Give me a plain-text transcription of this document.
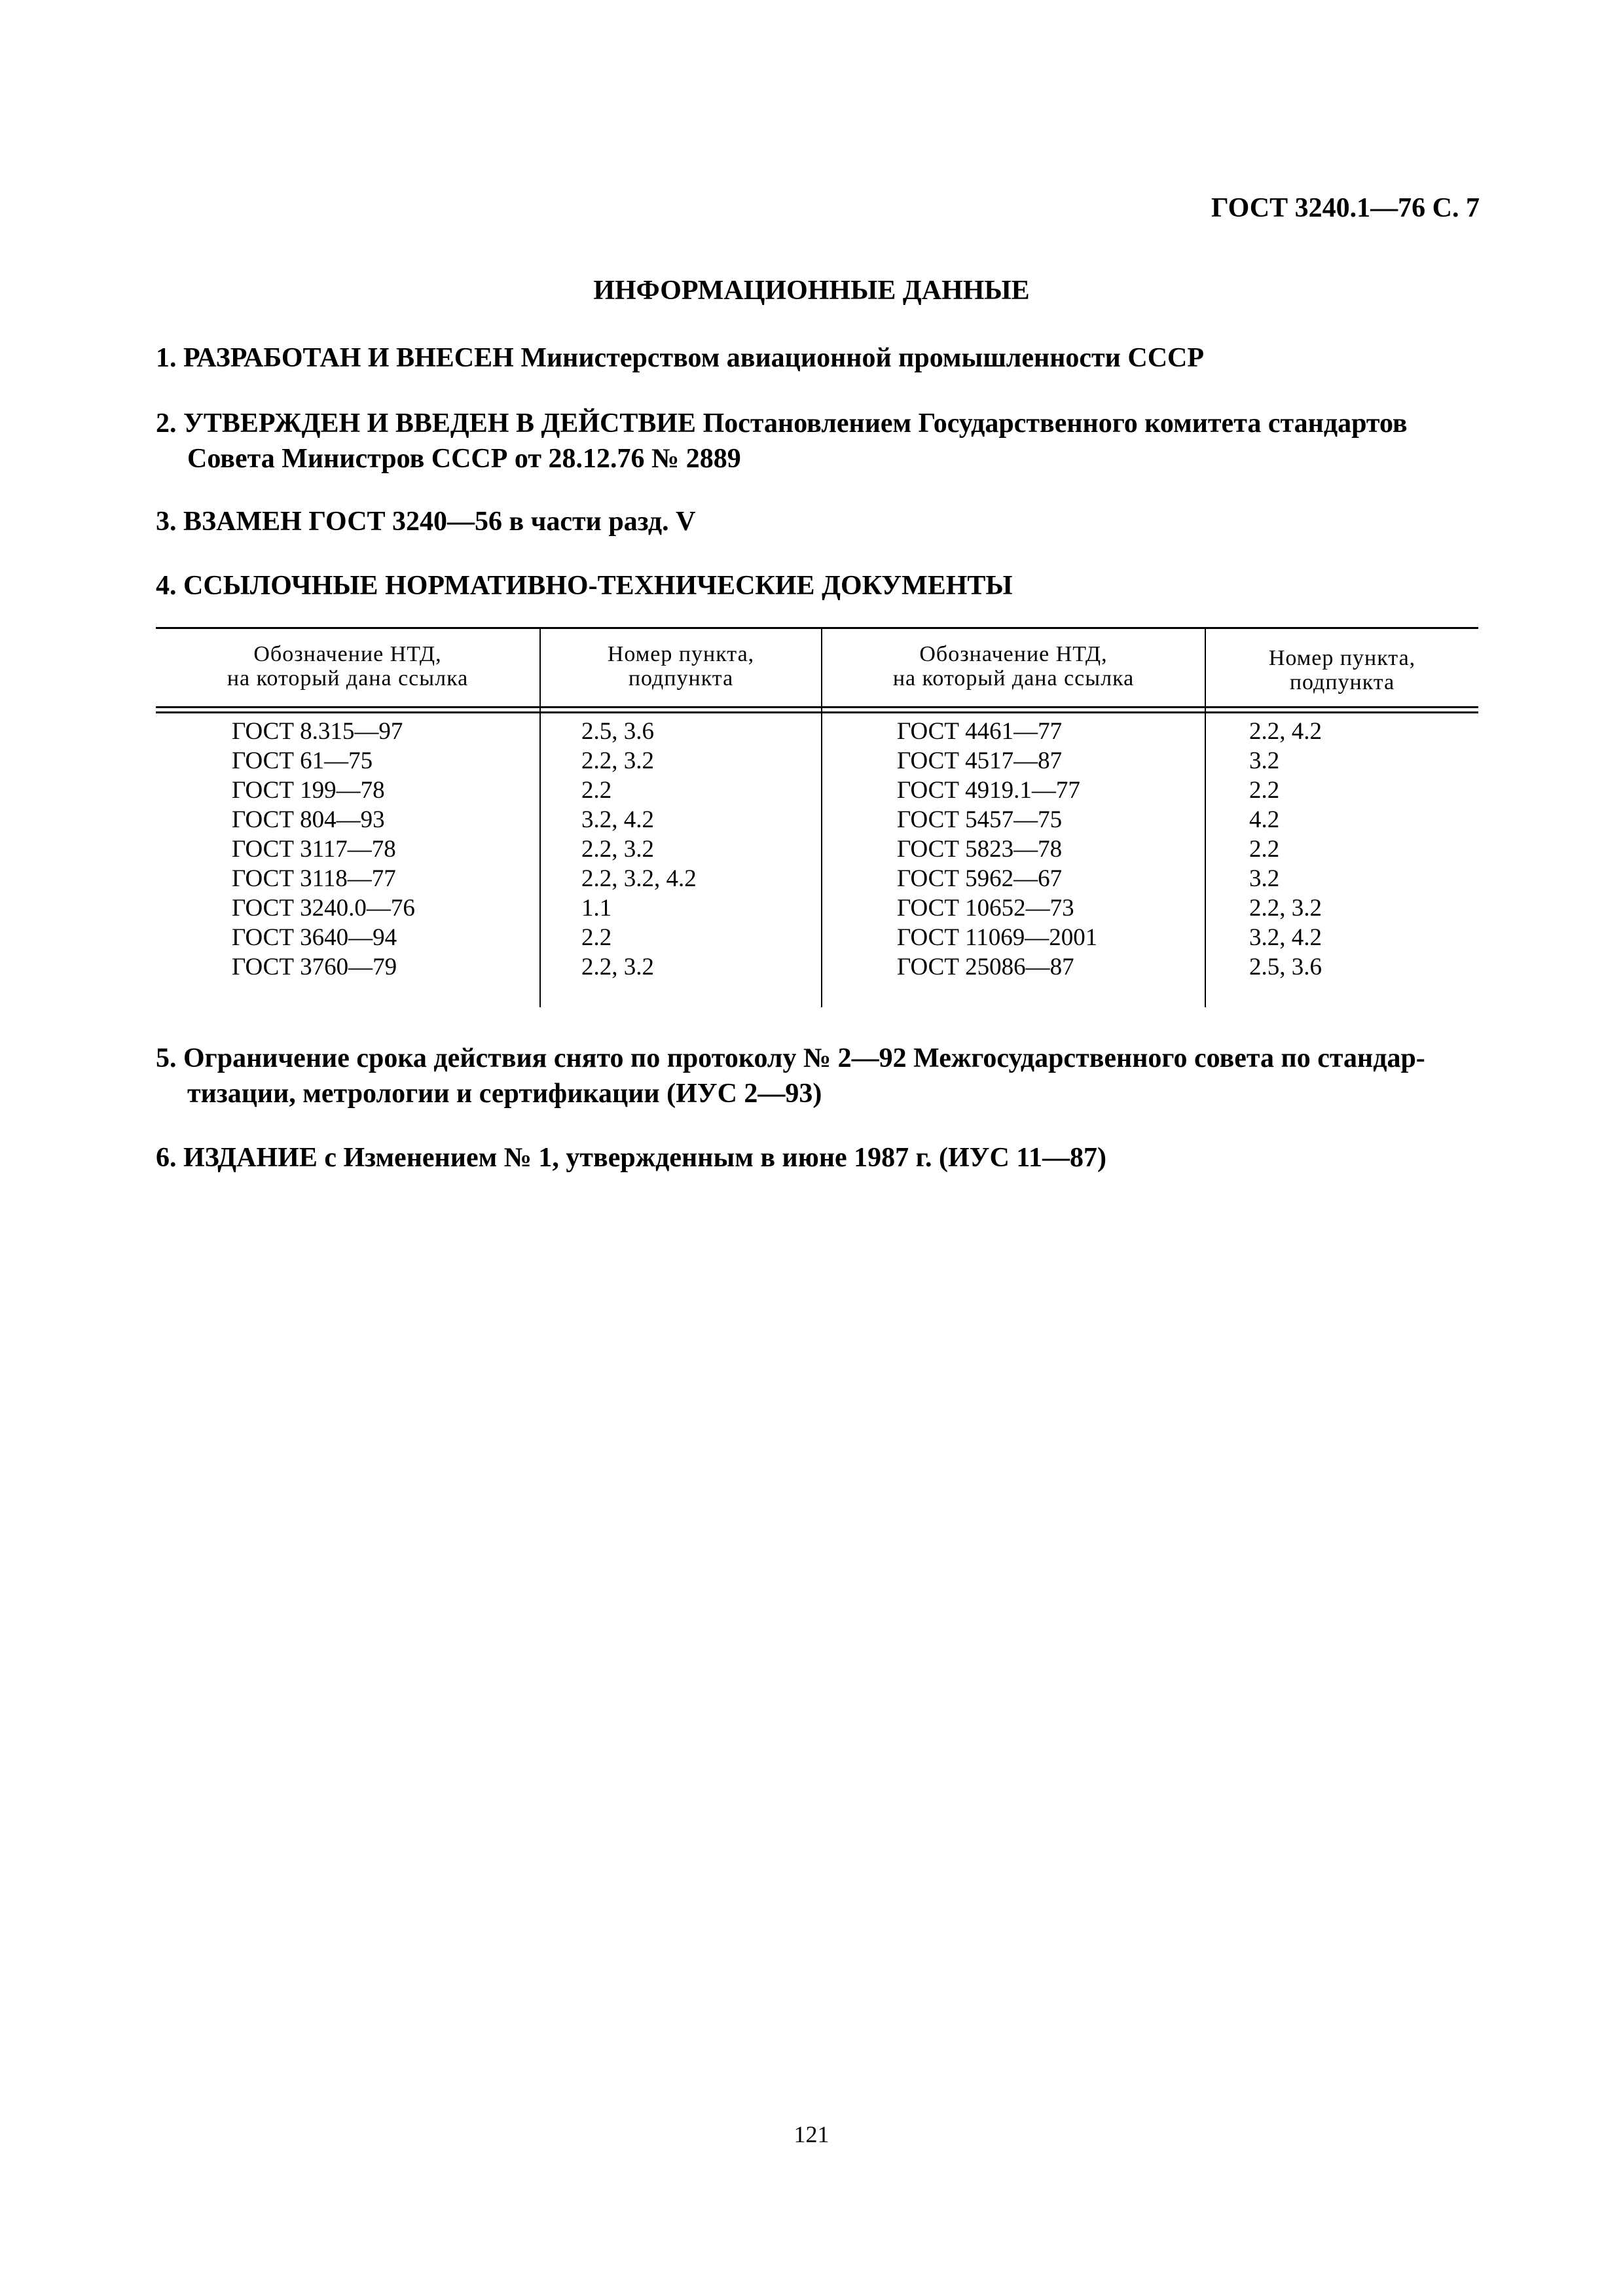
ГОСТ 3240.1—76 С. 7
ИНФОРМАЦИОННЫЕ ДАННЫЕ
1. РАЗРАБОТАН И ВНЕСЕН Министерством авиационной промышленности СССР
2. УТВЕРЖДЕН И ВВЕДЕН В ДЕЙСТВИЕ Постановлением Государственного комитета стандартов
Совета Министров СССР от 28.12.76 № 2889
3. ВЗАМЕН ГОСТ 3240—56 в части разд. V
4. ССЫЛОЧНЫЕ НОРМАТИВНО-ТЕХНИЧЕСКИЕ ДОКУМЕНТЫ
Обозначение НТД,
на который дана ссылка
Номер пункта,
подпункта
Обозначение НТД,
на который дана ссылка
Номер пункта,
подпункта
ГОСТ 8.315—97
ГОСТ 61—75
ГОСТ 199—78
ГОСТ 804—93
ГОСТ 3117—78
ГОСТ 3118—77
ГОСТ 3240.0—76
ГОСТ 3640—94
ГОСТ 3760—79
2.5, 3.6
2.2, 3.2
2.2
3.2, 4.2
2.2, 3.2
2.2, 3.2, 4.2
1.1
2.2
2.2, 3.2
ГОСТ 4461—77
ГОСТ 4517—87
ГОСТ 4919.1—77
ГОСТ 5457—75
ГОСТ 5823—78
ГОСТ 5962—67
ГОСТ 10652—73
ГОСТ 11069—2001
ГОСТ 25086—87
2.2, 4.2
3.2
2.2
4.2
2.2
3.2
2.2, 3.2
3.2, 4.2
2.5, 3.6
5. Ограничение срока действия снято по протоколу № 2—92 Межгосударственного совета по стандар-
тизации, метрологии и сертификации (ИУС 2—93)
6. ИЗДАНИЕ с Изменением № 1, утвержденным в июне 1987 г. (ИУС 11—87)
121
